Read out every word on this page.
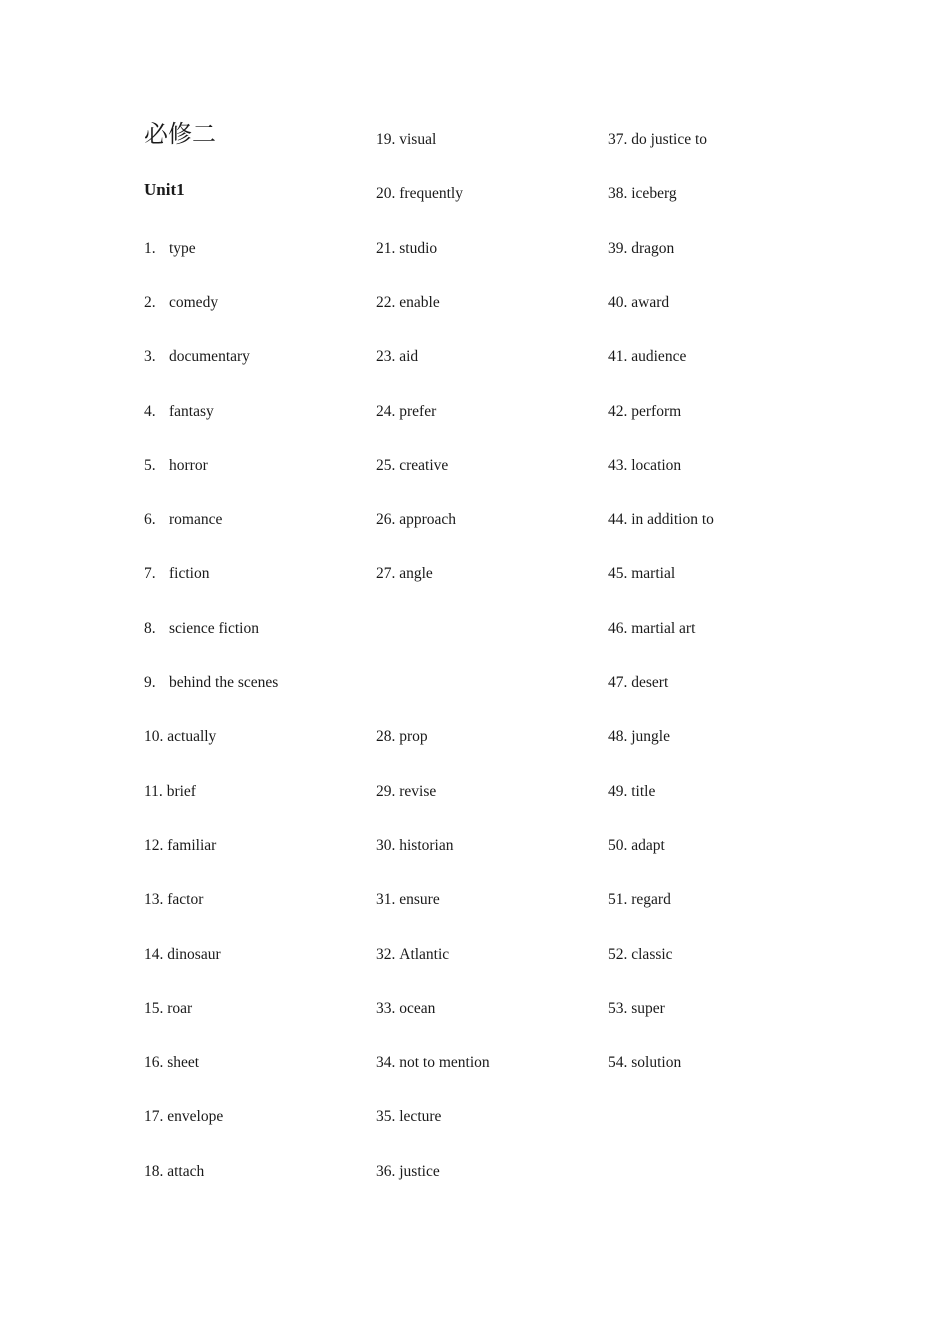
必修二
Unit1
1. type
2. comedy
3. documentary
4. fantasy
5. horror
6. romance
7. fiction
8. science fiction
9. behind the scenes
10. actually
11. brief
12. familiar
13. factor
14. dinosaur
15. roar
16. sheet
17. envelope
18. attach
19. visual
20. frequently
21. studio
22. enable
23. aid
24. prefer
25. creative
26. approach
27. angle
28. prop
29. revise
30. historian
31. ensure
32. Atlantic
33. ocean
34. not to mention
35. lecture
36. justice
37. do justice to
38. iceberg
39. dragon
40. award
41. audience
42. perform
43. location
44. in addition to
45. martial
46. martial art
47. desert
48. jungle
49. title
50. adapt
51. regard
52. classic
53. super
54. solution
